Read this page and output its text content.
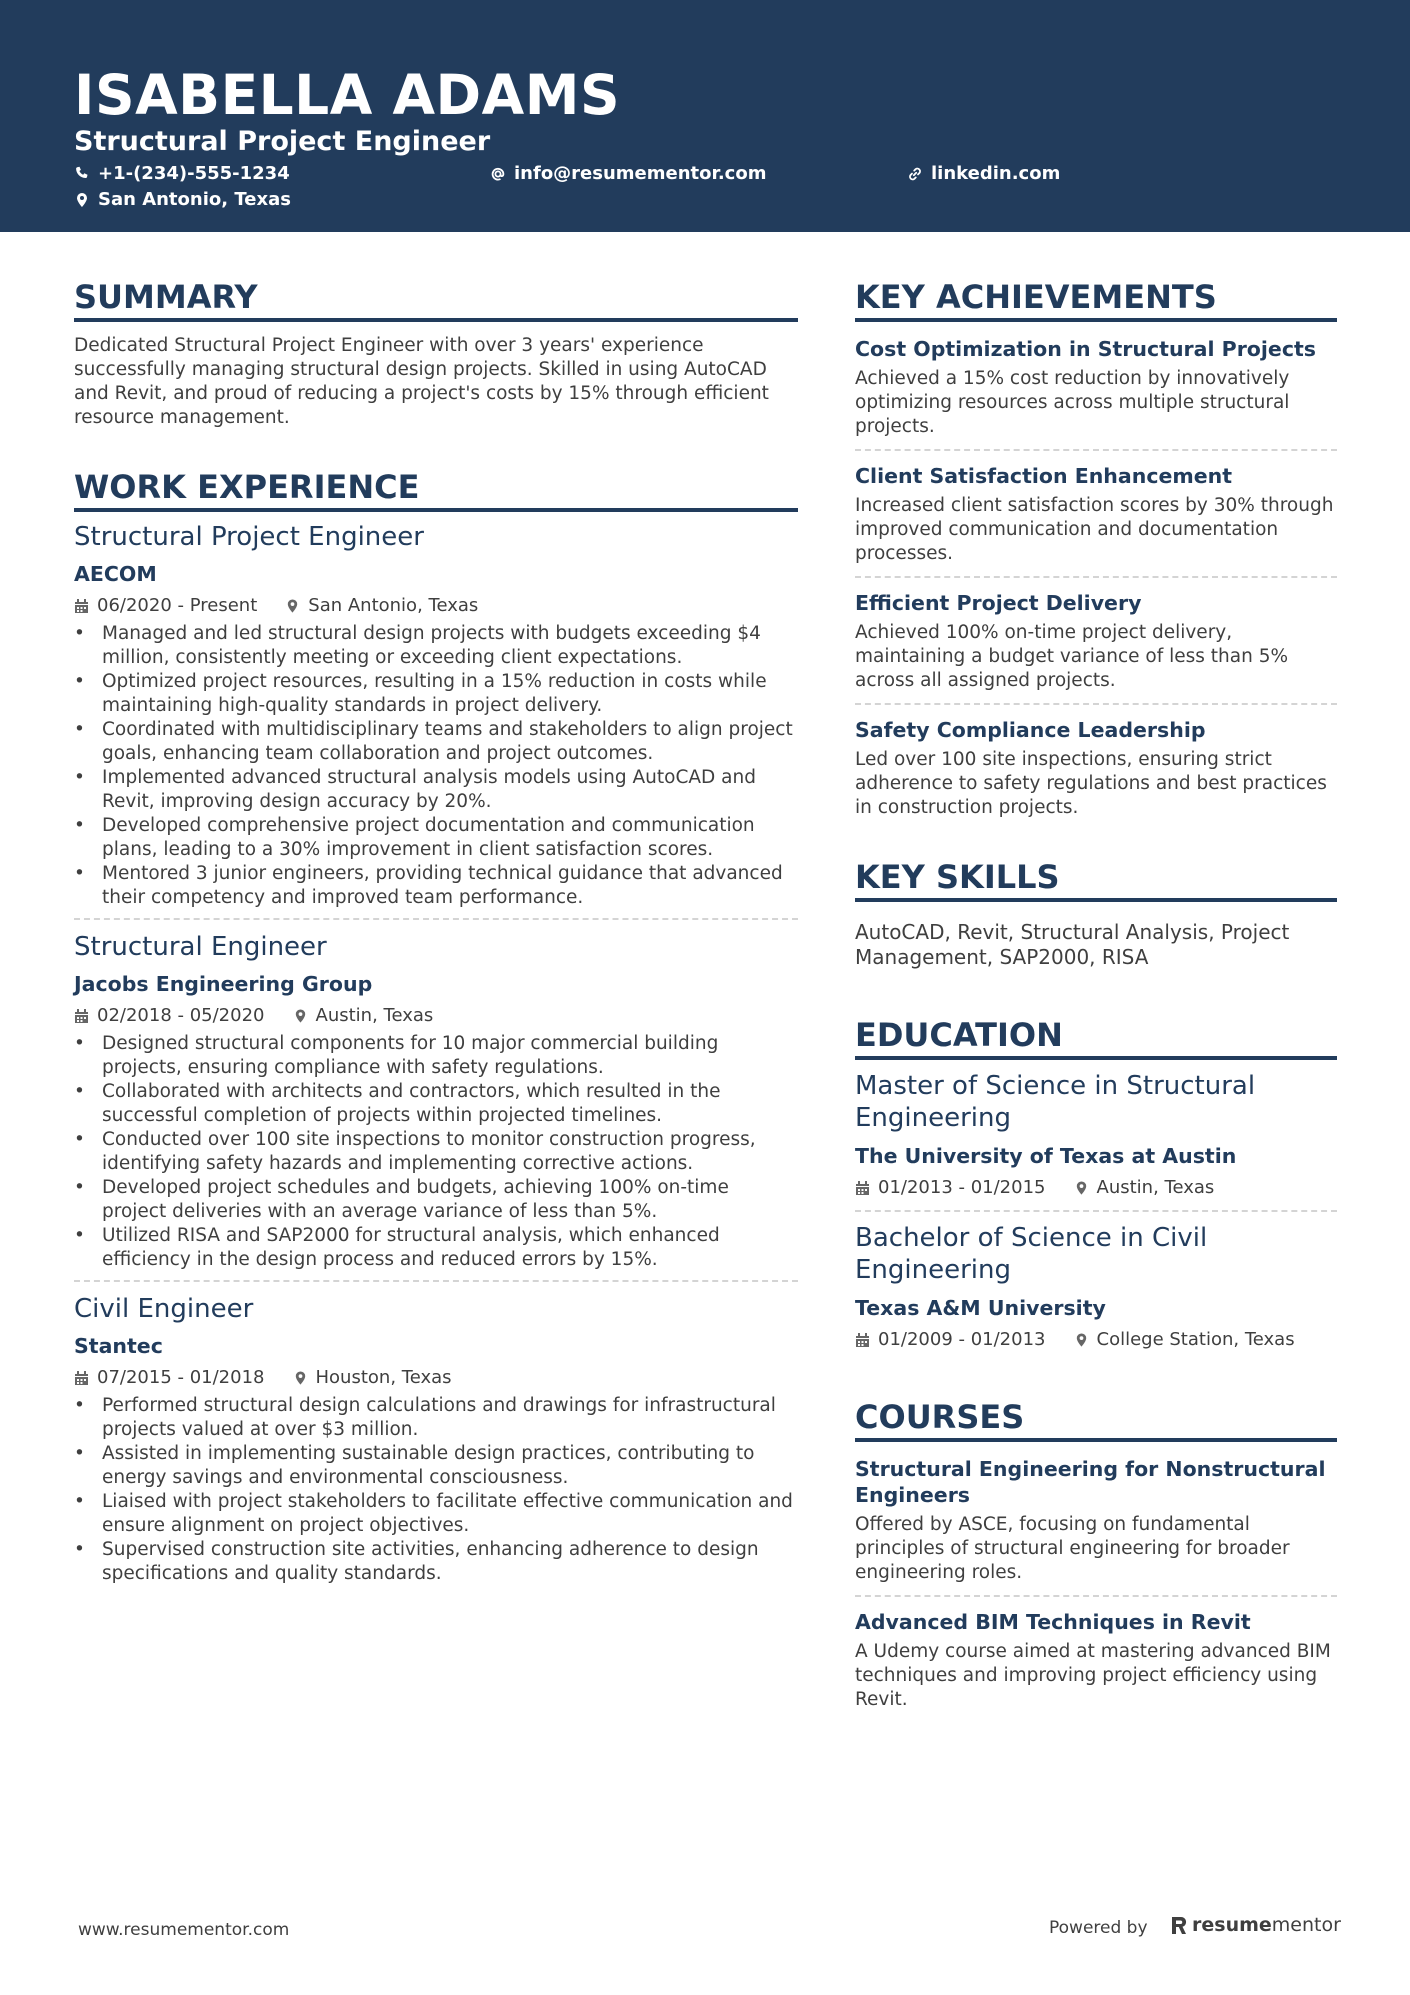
ISABELLA ADAMS
Structural Project Engineer
+1-(234)-555-1234	info@resumementor.com	linkedin.com
San Antonio, Texas
SUMMARY
Dedicated Structural Project Engineer with over 3 years' experience successfully managing structural design projects. Skilled in using AutoCAD and Revit, and proud of reducing a project's costs by 15% through efficient resource management.
WORK EXPERIENCE
Structural Project Engineer
AECOM
06/2020 - Present	San Antonio, Texas
• Managed and led structural design projects with budgets exceeding $4 million, consistently meeting or exceeding client expectations.
• Optimized project resources, resulting in a 15% reduction in costs while maintaining high-quality standards in project delivery.
• Coordinated with multidisciplinary teams and stakeholders to align project goals, enhancing team collaboration and project outcomes.
• Implemented advanced structural analysis models using AutoCAD and Revit, improving design accuracy by 20%.
• Developed comprehensive project documentation and communication plans, leading to a 30% improvement in client satisfaction scores.
• Mentored 3 junior engineers, providing technical guidance that advanced their competency and improved team performance.
Structural Engineer
Jacobs Engineering Group
02/2018 - 05/2020	Austin, Texas
• Designed structural components for 10 major commercial building projects, ensuring compliance with safety regulations.
• Collaborated with architects and contractors, which resulted in the successful completion of projects within projected timelines.
• Conducted over 100 site inspections to monitor construction progress, identifying safety hazards and implementing corrective actions.
• Developed project schedules and budgets, achieving 100% on-time project deliveries with an average variance of less than 5%.
• Utilized RISA and SAP2000 for structural analysis, which enhanced efficiency in the design process and reduced errors by 15%.
Civil Engineer
Stantec
07/2015 - 01/2018	Houston, Texas
• Performed structural design calculations and drawings for infrastructural projects valued at over $3 million.
• Assisted in implementing sustainable design practices, contributing to energy savings and environmental consciousness.
• Liaised with project stakeholders to facilitate effective communication and ensure alignment on project objectives.
• Supervised construction site activities, enhancing adherence to design specifications and quality standards.
KEY ACHIEVEMENTS
Cost Optimization in Structural Projects
Achieved a 15% cost reduction by innovatively optimizing resources across multiple structural projects.
Client Satisfaction Enhancement
Increased client satisfaction scores by 30% through improved communication and documentation processes.
Efficient Project Delivery
Achieved 100% on-time project delivery, maintaining a budget variance of less than 5% across all assigned projects.
Safety Compliance Leadership
Led over 100 site inspections, ensuring strict adherence to safety regulations and best practices in construction projects.
KEY SKILLS
AutoCAD, Revit, Structural Analysis, Project Management, SAP2000, RISA
EDUCATION
Master of Science in Structural Engineering
The University of Texas at Austin
01/2013 - 01/2015	Austin, Texas
Bachelor of Science in Civil Engineering
Texas A&M University
01/2009 - 01/2013	College Station, Texas
COURSES
Structural Engineering for Nonstructural Engineers
Offered by ASCE, focusing on fundamental principles of structural engineering for broader engineering roles.
Advanced BIM Techniques in Revit
A Udemy course aimed at mastering advanced BIM techniques and improving project efficiency using Revit.
www.resumementor.com	Powered by resumementor
